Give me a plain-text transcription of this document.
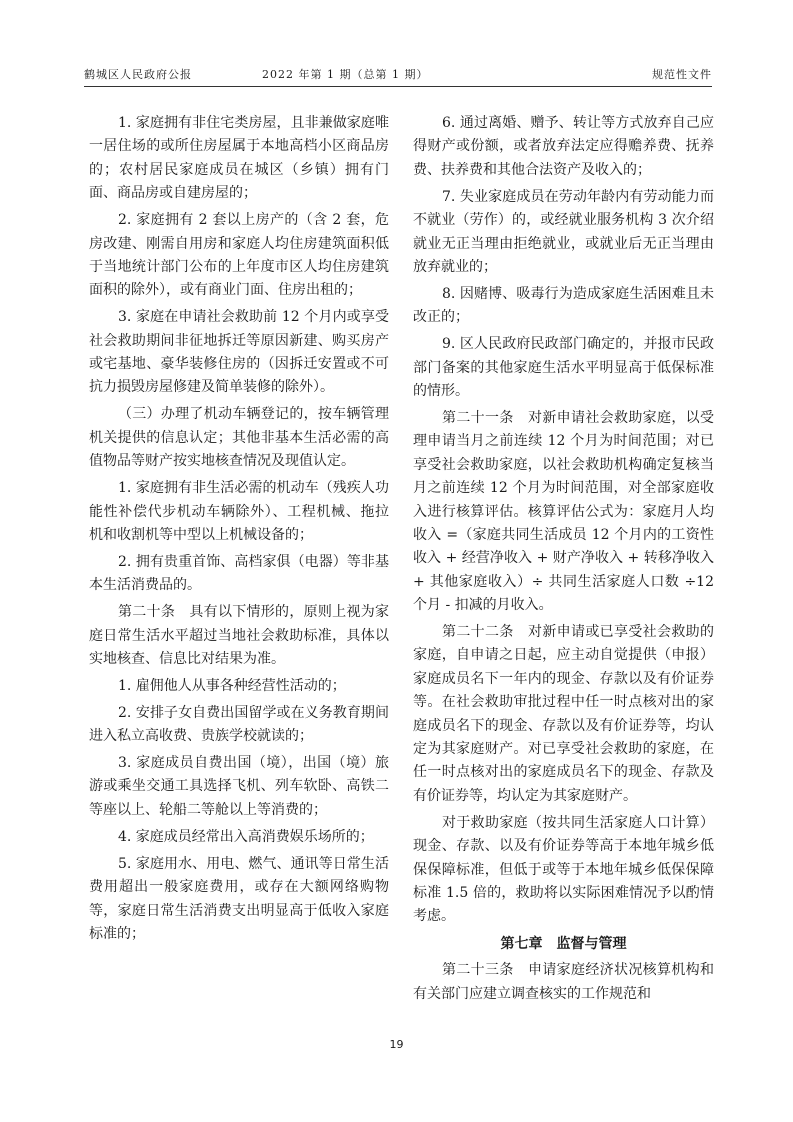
鹤城区人民政府公报	2022 年第 1 期（总第 1 期）	规范性文件

1. 家庭拥有非住宅类房屋，且非兼做家庭唯一居住场的或所住房屋属于本地高档小区商品房的；农村居民家庭成员在城区（乡镇）拥有门面、商品房或自建房屋的；

2. 家庭拥有 2 套以上房产的（含 2 套，危房改建、刚需自用房和家庭人均住房建筑面积低于当地统计部门公布的上年度市区人均住房建筑面积的除外），或有商业门面、住房出租的；

3. 家庭在申请社会救助前 12 个月内或享受社会救助期间非征地拆迁等原因新建、购买房产或宅基地、豪华装修住房的（因拆迁安置或不可抗力损毁房屋修建及简单装修的除外）。

（三）办理了机动车辆登记的，按车辆管理机关提供的信息认定；其他非基本生活必需的高值物品等财产按实地核查情况及现值认定。

1. 家庭拥有非生活必需的机动车（残疾人功能性补偿代步机动车辆除外）、工程机械、拖拉机和收割机等中型以上机械设备的；

2. 拥有贵重首饰、高档家俱（电器）等非基本生活消费品的。

第二十条　具有以下情形的，原则上视为家庭日常生活水平超过当地社会救助标准，具体以实地核查、信息比对结果为准。

1. 雇佣他人从事各种经营性活动的；

2. 安排子女自费出国留学或在义务教育期间进入私立高收费、贵族学校就读的；

3. 家庭成员自费出国（境），出国（境）旅游或乘坐交通工具选择飞机、列车软卧、高铁二等座以上、轮船二等舱以上等消费的；

4. 家庭成员经常出入高消费娱乐场所的；

5. 家庭用水、用电、燃气、通讯等日常生活费用超出一般家庭费用，或存在大额网络购物等，家庭日常生活消费支出明显高于低收入家庭标准的；

6. 通过离婚、赠予、转让等方式放弃自己应得财产或份额，或者放弃法定应得赡养费、抚养费、扶养费和其他合法资产及收入的；

7. 失业家庭成员在劳动年龄内有劳动能力而不就业（劳作）的，或经就业服务机构 3 次介绍就业无正当理由拒绝就业，或就业后无正当理由放弃就业的；

8. 因赌博、吸毒行为造成家庭生活困难且未改正的；

9. 区人民政府民政部门确定的，并报市民政部门备案的其他家庭生活水平明显高于低保标准的情形。

第二十一条　对新申请社会救助家庭，以受理申请当月之前连续 12 个月为时间范围；对已享受社会救助家庭，以社会救助机构确定复核当月之前连续 12 个月为时间范围，对全部家庭收入进行核算评估。核算评估公式为：家庭月人均收入 =（家庭共同生活成员 12 个月内的工资性收入 + 经营净收入 + 财产净收入 + 转移净收入 + 其他家庭收入）÷ 共同生活家庭人口数 ÷12 个月 - 扣减的月收入。

第二十二条　对新申请或已享受社会救助的家庭，自申请之日起，应主动自觉提供（申报）家庭成员名下一年内的现金、存款以及有价证券等。在社会救助审批过程中任一时点核对出的家庭成员名下的现金、存款以及有价证券等，均认定为其家庭财产。对已享受社会救助的家庭，在任一时点核对出的家庭成员名下的现金、存款及有价证券等，均认定为其家庭财产。

对于救助家庭（按共同生活家庭人口计算）现金、存款、以及有价证券等高于本地年城乡低保保障标准，但低于或等于本地年城乡低保保障标准 1.5 倍的，救助将以实际困难情况予以酌情考虑。

第七章　监督与管理

第二十三条　申请家庭经济状况核算机构和有关部门应建立调查核实的工作规范和

19
